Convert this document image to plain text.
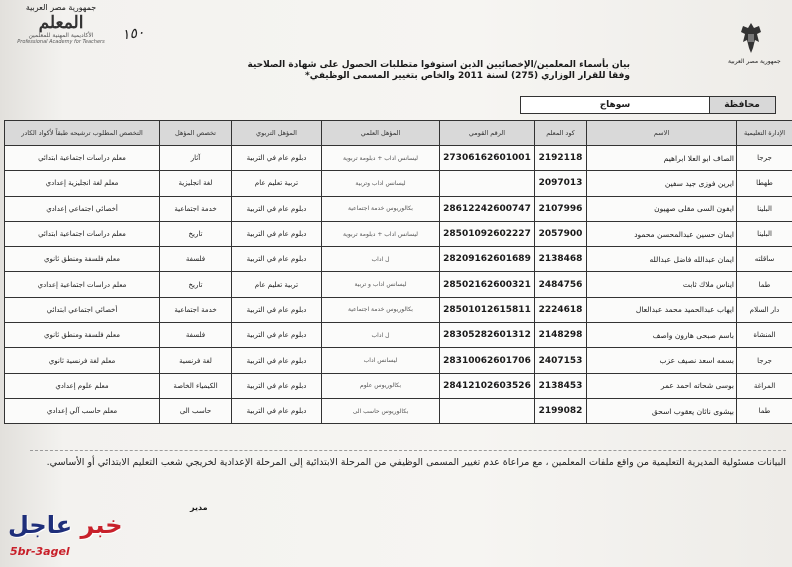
جمهورية مصر العربية
المعلم
الأكاديمية المهنية للمعلمين
Professional Academy for Teachers	١٥٠
جمهورية مصر العربية
بيان بأسماء المعلمين/الإخصائيين الذين استوفوا متطلبات الحصول على شهادة الصلاحية
وفقا للقرار الوزاري (275) لسنة 2011 والخاص بتغيير المسمى الوظيفي*
محافظة
سوهاج
الإدارة التعليمية	الاسم	كود المعلم	الرقم القومي	المؤهل العلمي	المؤهل التربوي	تخصص المؤهل	التخصص المطلوب ترشيحه طبقاً لأكواد الكادر
جرجا	الصاف ابو العلا ابراهيم	2192118	27306162601001	ليسانس اداب + دبلومة تربوية	دبلوم عام في التربية	آثار	معلم دراسات اجتماعية ابتدائي
طهطا	ايرين فوزى جيد سفين	2097013		ليسانس اداب وتربية	تربية تعليم عام	لغة انجليزية	معلم لغة انجليزية إعدادي
البلينا	ايفون السى مقلى صهيون	2107996	28612242600747	بكالوريوس خدمة اجتماعية	دبلوم عام في التربية	خدمة اجتماعية	أخصائي اجتماعي إعدادي
البلينا	ايمان حسين عبدالمحسن محمود	2057900	28501092602227	ليسانس اداب + دبلومة تربوية	دبلوم عام في التربية	تاريخ	معلم دراسات اجتماعية ابتدائي
ساقلته	ايمان عبدالله فاضل عبدالله	2138468	28209162601689	ل اداب	دبلوم عام في التربية	فلسفة	معلم فلسفة ومنطق ثانوي
طما	ايناس ملاك ثابت	2484756	28502162600321	ليسانس اداب و تربية	تربية تعليم عام	تاريخ	معلم دراسات اجتماعية إعدادي
دار السلام	ايهاب عبدالحميد محمد عبدالعال	2224618	28501012615811	بكالوريوس خدمة اجتماعية	دبلوم عام في التربية	خدمة اجتماعية	أخصائي اجتماعي ابتدائي
المنشاة	باسم صبحى هارون واصف	2148298	28305282601312	ل اداب	دبلوم عام في التربية	فلسفة	معلم فلسفة ومنطق ثانوي
جرجا	بسمه اسعد نصيف عزب	2407153	28310062601706	ليسانس اداب	دبلوم عام في التربية	لغة فرنسية	معلم لغة فرنسية ثانوي
المراغة	بوسى شحاته احمد عمر	2138453	28412102603526	بكالوريوس علوم	دبلوم عام في التربية	الكيمياء الخاصة	معلم علوم إعدادي
طما	بيشوى ناثان يعقوب اسحق	2199082		بكالوريوس حاسب الى	دبلوم عام في التربية	حاسب الى	معلم حاسب آلي إعدادي
البيانات مسئولية المديرية التعليمية من واقع ملفات المعلمين ، مع مراعاة عدم تغيير المسمى الوظيفي من المرحلة الابتدائية إلى المرحلة الإعدادية لخريجي شعب التعليم الابتدائي أو الأساسي.
مدير
خبر عاجل
5br-3agel
